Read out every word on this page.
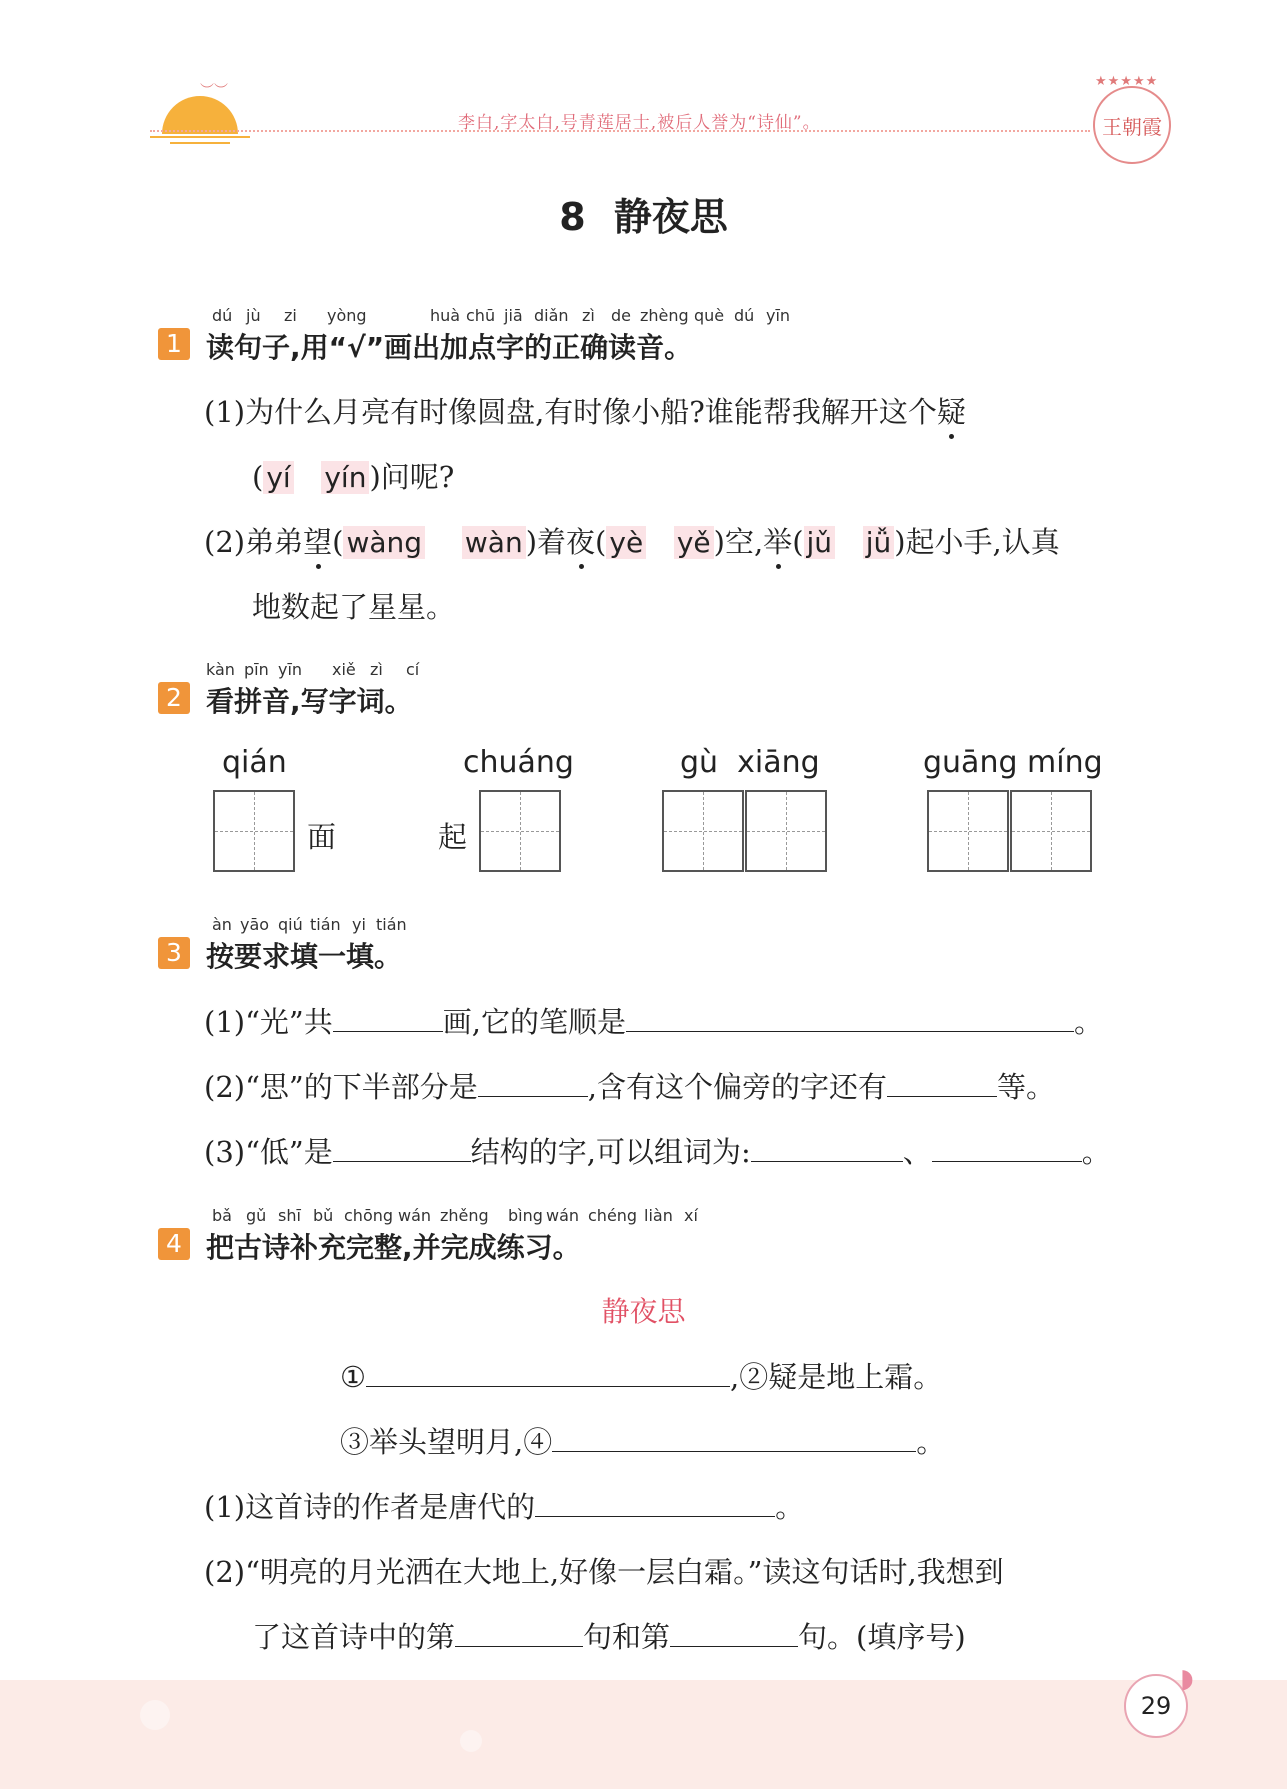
︶︶
李白,字太白,号青莲居士,被后人誉为“诗仙”。
★★★★★
王朝霞
8 静夜思
1
dú jù zi yòng	huà chū jiā diǎn zì de zhèng què dú yīn
读句子,用“√”画出加点字的正确读音。
(1)为什么月亮有时像圆盘,有时像小船?谁能帮我解开这个疑
( yí yín )问呢?
(2)弟弟望( wàng wàn )着夜( yè yě )空,举( jǔ jǚ )起小手,认真
地数起了星星。
2
kàn pīn yīn xiě zì cí
看拼音,写字词。
qián
面
chuáng
起
gù  xiāng	guāng míng
3
àn yāo qiú tián yi tián
按要求填一填。
(1)“光”共	画,它的笔顺是	。
(2)“思”的下半部分是	,含有这个偏旁的字还有	等。
(3)“低”是	结构的字,可以组词为:	、	。
4
bǎ gǔ shī bǔ chōng wán zhěng bìng wán chéng liàn xí
把古诗补充完整,并完成练习。
静夜思
①	,②疑是地上霜。
③举头望明月,④	。
(1)这首诗的作者是唐代的	。
(2)“明亮的月光洒在大地上,好像一层白霜。”读这句话时,我想到
了这首诗中的第	句和第	句。(填序号)
29
◗
